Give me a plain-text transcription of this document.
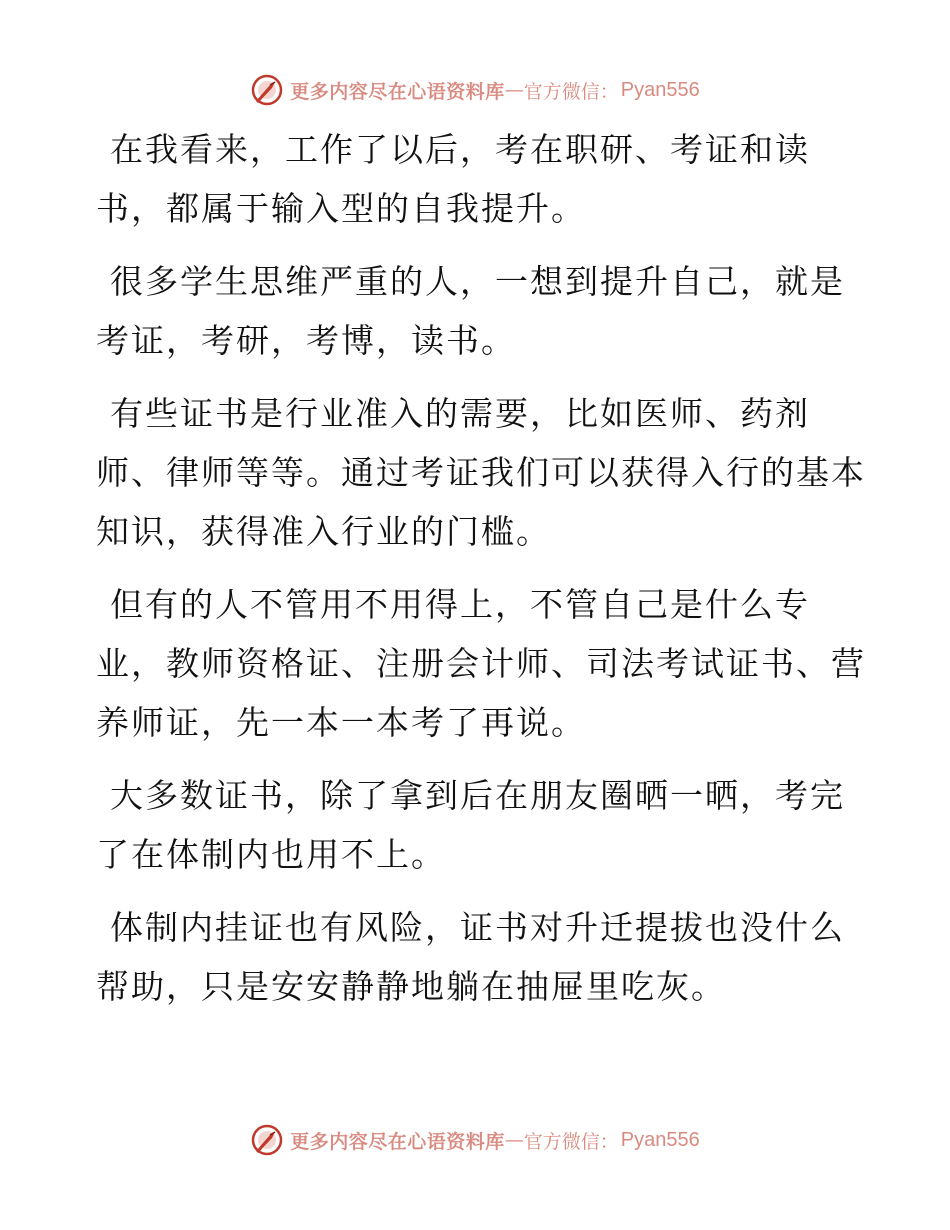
更多内容尽在心语资料库 — 官方微信： Pyan556

在我看来，工作了以后，考在职研、考证和读书，都属于输入型的自我提升。

很多学生思维严重的人，一想到提升自己，就是考证，考研，考博，读书。

有些证书是行业准入的需要，比如医师、药剂师、律师等等。通过考证我们可以获得入行的基本知识，获得准入行业的门槛。

但有的人不管用不用得上，不管自己是什么专业，教师资格证、注册会计师、司法考试证书、营养师证，先一本一本考了再说。

大多数证书，除了拿到后在朋友圈晒一晒，考完了在体制内也用不上。

体制内挂证也有风险，证书对升迁提拔也没什么帮助，只是安安静静地躺在抽屉里吃灰。

更多内容尽在心语资料库 — 官方微信： Pyan556
